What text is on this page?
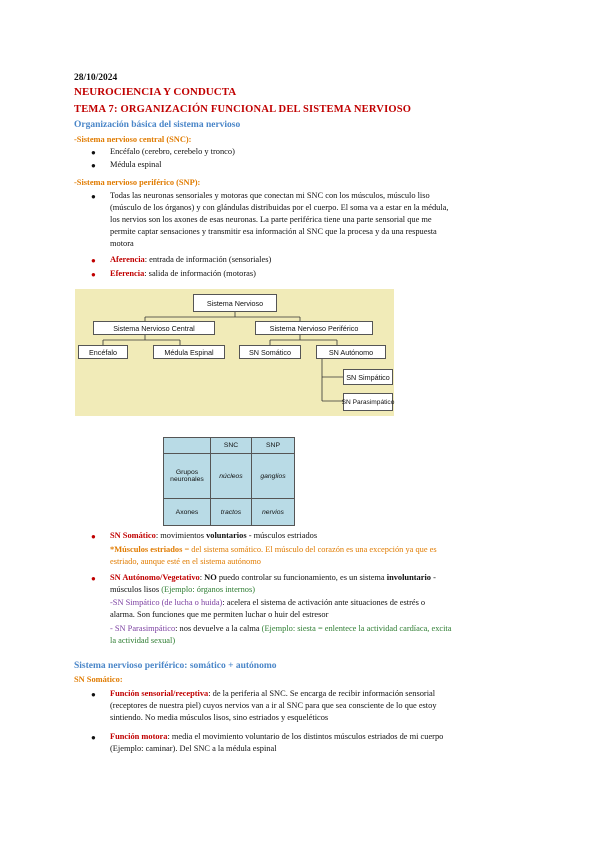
28/10/2024
NEUROCIENCIA Y CONDUCTA
TEMA 7: ORGANIZACIÓN FUNCIONAL DEL SISTEMA NERVIOSO
Organización básica del sistema nervioso
-Sistema nervioso central (SNC):
● Encéfalo (cerebro, cerebelo y tronco)
● Médula espinal
-Sistema nervioso periférico (SNP):
● Todas las neuronas sensoriales y motoras que conectan mi SNC con los músculos, músculo liso
(músculo de los órganos) y con glándulas distribuidas por el cuerpo. El soma va a estar en la médula,
los nervios son los axones de esas neuronas. La parte periférica tiene una parte sensorial que me
permite captar sensaciones y transmitir esa información al SNC que la procesa y da una respuesta
motora
● Aferencia: entrada de información (sensoriales)
● Eferencia: salida de información (motoras)
Sistema Nervioso
Sistema Nervioso Central	Sistema Nervioso Periférico
Encéfalo	Médula Espinal	SN Somático	SN Autónomo
SN Simpático
SN Parasimpático
	SNC	SNP

Grupos
neuronales	núcleos	ganglios
Axones	tractos	nervios
● SN Somático: movimientos voluntarios - músculos estriados
*Músculos estriados = del sistema somático. El músculo del corazón es una excepción ya que es
estriado, aunque esté en el sistema autónomo
● SN Autónomo/Vegetativo: NO puedo controlar su funcionamiento, es un sistema involuntario -
músculos lisos (Ejemplo: órganos internos)
-SN Simpático (de lucha o huida): acelera el sistema de activación ante situaciones de estrés o
alarma. Son funciones que me permiten luchar o huir del estresor
- SN Parasimpático: nos devuelve a la calma (Ejemplo: siesta = enlentece la actividad cardíaca, excita
la actividad sexual)
Sistema nervioso periférico: somático + autónomo
SN Somático:
● Función sensorial/receptiva: de la periferia al SNC. Se encarga de recibir información sensorial
(receptores de nuestra piel) cuyos nervios van a ir al SNC para que sea consciente de lo que estoy
sintiendo. No media músculos lisos, sino estriados y esqueléticos
● Función motora: media el movimiento voluntario de los distintos músculos estriados de mi cuerpo
(Ejemplo: caminar). Del SNC a la médula espinal
